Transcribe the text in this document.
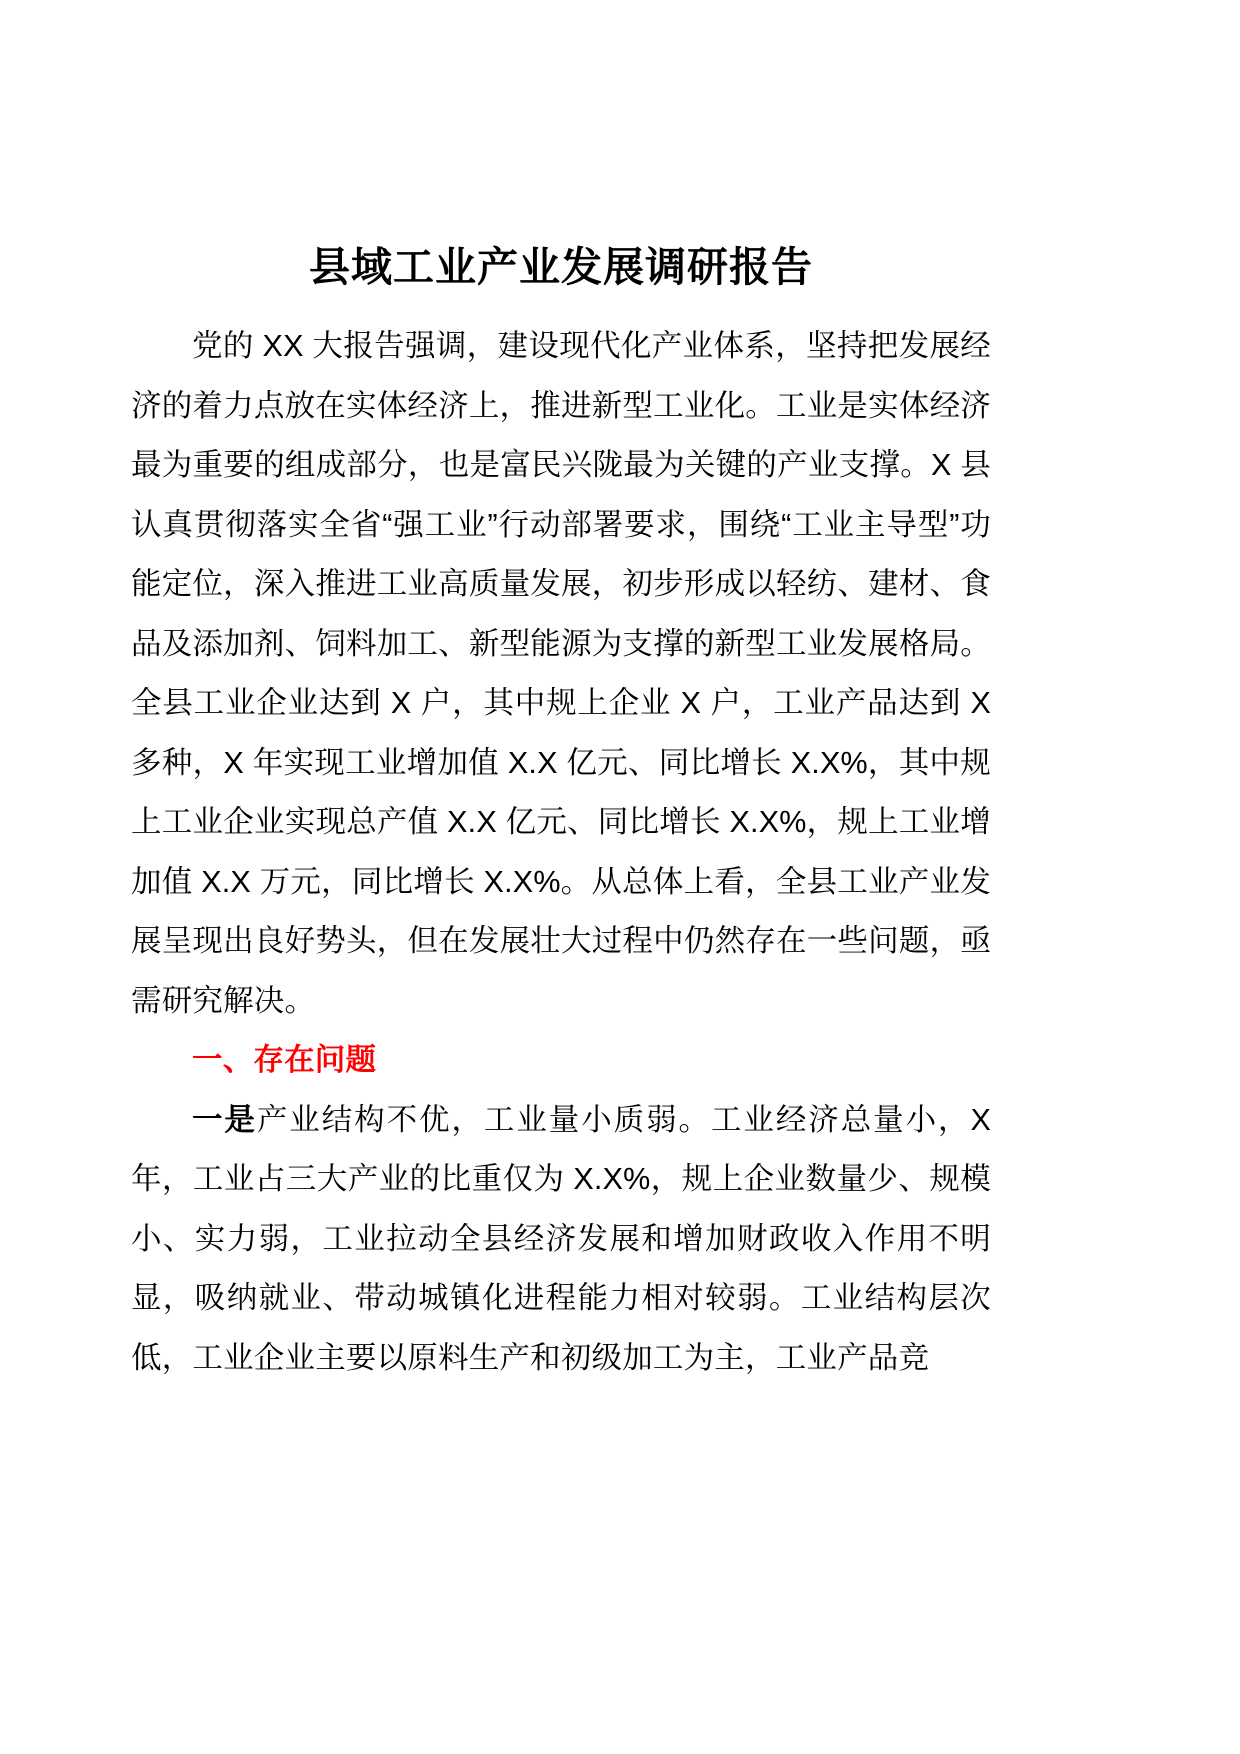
县域工业产业发展调研报告

党的 XX 大报告强调，建设现代化产业体系，坚持把发展经济的着力点放在实体经济上，推进新型工业化。工业是实体经济最为重要的组成部分，也是富民兴陇最为关键的产业支撑。X 县认真贯彻落实全省“强工业”行动部署要求，围绕“工业主导型”功能定位，深入推进工业高质量发展，初步形成以轻纺、建材、食品及添加剂、饲料加工、新型能源为支撑的新型工业发展格局。全县工业企业达到 X 户，其中规上企业 X 户，工业产品达到 X 多种，X 年实现工业增加值 X.X 亿元、同比增长 X.X%，其中规上工业企业实现总产值 X.X 亿元、同比增长 X.X%，规上工业增加值 X.X 万元，同比增长 X.X%。从总体上看，全县工业产业发展呈现出良好势头，但在发展壮大过程中仍然存在一些问题，亟需研究解决。

一、存在问题

一是产业结构不优，工业量小质弱。工业经济总量小，X 年，工业占三大产业的比重仅为 X.X%，规上企业数量少、规模小、实力弱，工业拉动全县经济发展和增加财政收入作用不明显，吸纳就业、带动城镇化进程能力相对较弱。工业结构层次低，工业企业主要以原料生产和初级加工为主，工业产品竞
